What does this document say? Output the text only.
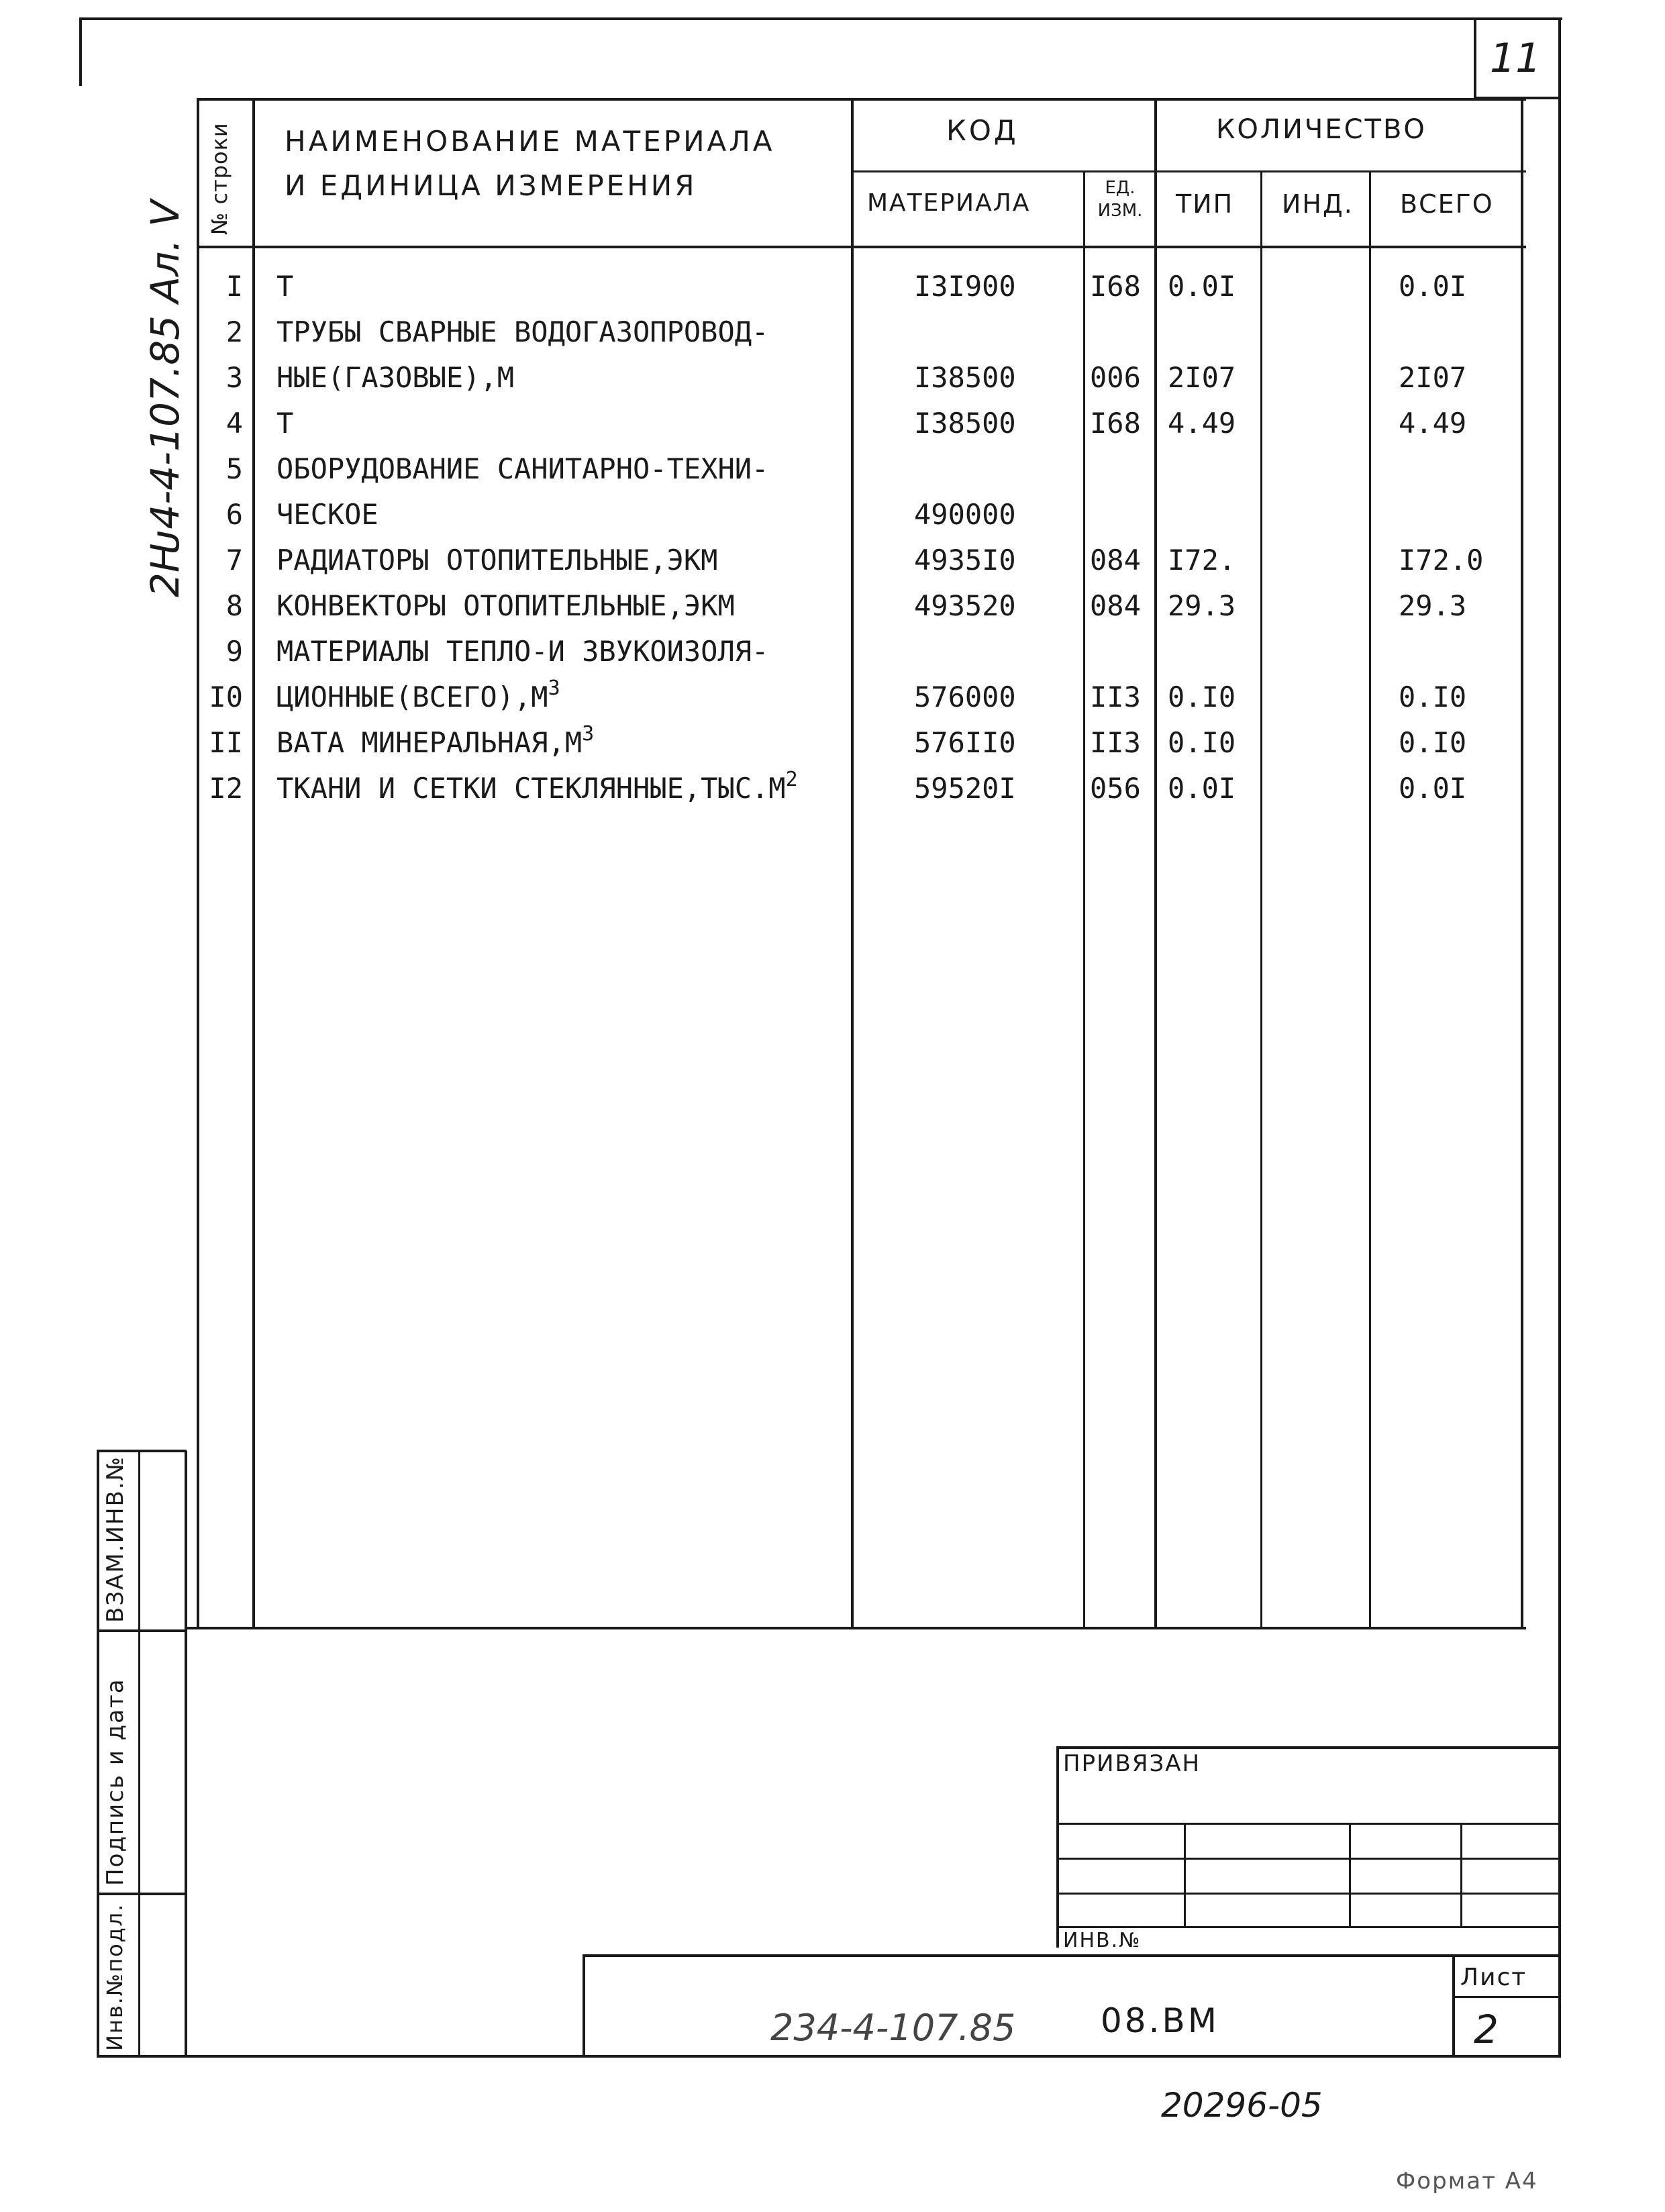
11
2Ԋ4-4-107.85 Ал. V
№ строки НАИМЕНОВАНИЕ МАТЕРИАЛА
И ЕДИНИЦА ИЗМЕРЕНИЯ
КОД
МАТЕРИАЛА
ЕД.
ИЗМ.
КОЛИЧЕСТВО
ТИП ИНД. ВСЕГО
I Т	I3I900	I68 0.0I	0.0I
2 ТРУБЫ СВАРНЫЕ ВОДОГАЗОПРОВОД-
3 НЫЕ(ГАЗОВЫЕ),М	I38500	006 2I07	2I07
4 Т	I38500	I68 4.49	4.49
5 ОБОРУДОВАНИЕ САНИТАРНО-ТЕХНИ-
6 ЧЕСКОЕ	490000
7 РАДИАТОРЫ ОТОПИТЕЛЬНЫЕ,ЭКМ	4935I0	084 I72.	I72.0
8 КОНВЕКТОРЫ ОТОПИТЕЛЬНЫЕ,ЭКМ	493520	084 29.3	29.3
9 МАТЕРИАЛЫ ТЕПЛО-И ЗВУКОИЗОЛЯ-
I0 $ЦИОННЫЕ(ВСЕГО),М^3$	576000	II3 0.I0	0.I0
II ВАТА $МИНЕРАЛЬНАЯ,М^3$	576II0	II3 0.I0	0.I0
I2 ТКАНИ И СЕТКИ $СТЕКЛЯННЫЕ,ТЫС.М^2$	59520I	056 0.0I	0.0I
ВЗАМ.ИНВ.№
Подпись и дата
Инв.№подл.
ПРИВЯЗАН
ИНВ.№
234-4-107.85	08.ВМ
Лист
2
20296-05
Формат А4
